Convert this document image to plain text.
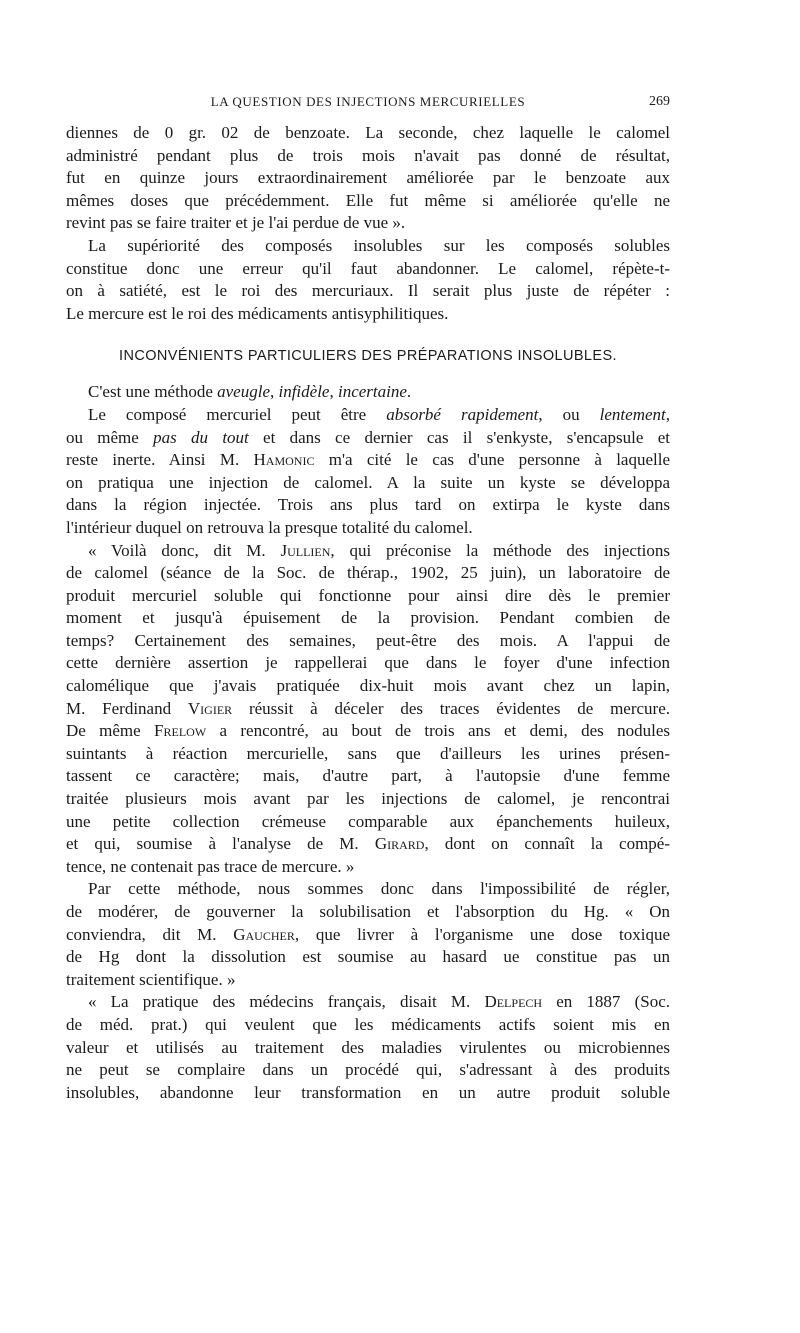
LA QUESTION DES INJECTIONS MERCURIELLES	269
diennes de 0 gr. 02 de benzoate. La seconde, chez laquelle le calomel
administré pendant plus de trois mois n'avait pas donné de résultat,
fut en quinze jours extraordinairement améliorée par le benzoate aux
mêmes doses que précédemment. Elle fut même si améliorée qu'elle ne
revint pas se faire traiter et je l'ai perdue de vue ».
La supériorité des composés insolubles sur les composés solubles
constitue donc une erreur qu'il faut abandonner. Le calomel, répète-t-
on à satiété, est le roi des mercuriaux. Il serait plus juste de répéter :
Le mercure est le roi des médicaments antisyphilitiques.
INCONVÉNIENTS PARTICULIERS DES PRÉPARATIONS INSOLUBLES.
C'est une méthode aveugle, infidèle, incertaine.
Le composé mercuriel peut être absorbé rapidement, ou lentement,
ou même pas du tout et dans ce dernier cas il s'enkyste, s'encapsule et
reste inerte. Ainsi M. Hamonic m'a cité le cas d'une personne à laquelle
on pratiqua une injection de calomel. A la suite un kyste se développa
dans la région injectée. Trois ans plus tard on extirpa le kyste dans
l'intérieur duquel on retrouva la presque totalité du calomel.
« Voilà donc, dit M. Jullien, qui préconise la méthode des injections
de calomel (séance de la Soc. de thérap., 1902, 25 juin), un laboratoire de
produit mercuriel soluble qui fonctionne pour ainsi dire dès le premier
moment et jusqu'à épuisement de la provision. Pendant combien de
temps? Certainement des semaines, peut-être des mois. A l'appui de
cette dernière assertion je rappellerai que dans le foyer d'une infection
calomélique que j'avais pratiquée dix-huit mois avant chez un lapin,
M. Ferdinand Vigier réussit à déceler des traces évidentes de mercure.
De même Frelow a rencontré, au bout de trois ans et demi, des nodules
suintants à réaction mercurielle, sans que d'ailleurs les urines présen-
tassent ce caractère; mais, d'autre part, à l'autopsie d'une femme
traitée plusieurs mois avant par les injections de calomel, je rencontrai
une petite collection crémeuse comparable aux épanchements huileux,
et qui, soumise à l'analyse de M. Girard, dont on connaît la compé-
tence, ne contenait pas trace de mercure. »
Par cette méthode, nous sommes donc dans l'impossibilité de régler,
de modérer, de gouverner la solubilisation et l'absorption du Hg. « On
conviendra, dit M. Gaucher, que livrer à l'organisme une dose toxique
de Hg dont la dissolution est soumise au hasard ue constitue pas un
traitement scientifique. »
« La pratique des médecins français, disait M. Delpech en 1887 (Soc.
de méd. prat.) qui veulent que les médicaments actifs soient mis en
valeur et utilisés au traitement des maladies virulentes ou microbiennes
ne peut se complaire dans un procédé qui, s'adressant à des produits
insolubles, abandonne leur transformation en un autre produit soluble
